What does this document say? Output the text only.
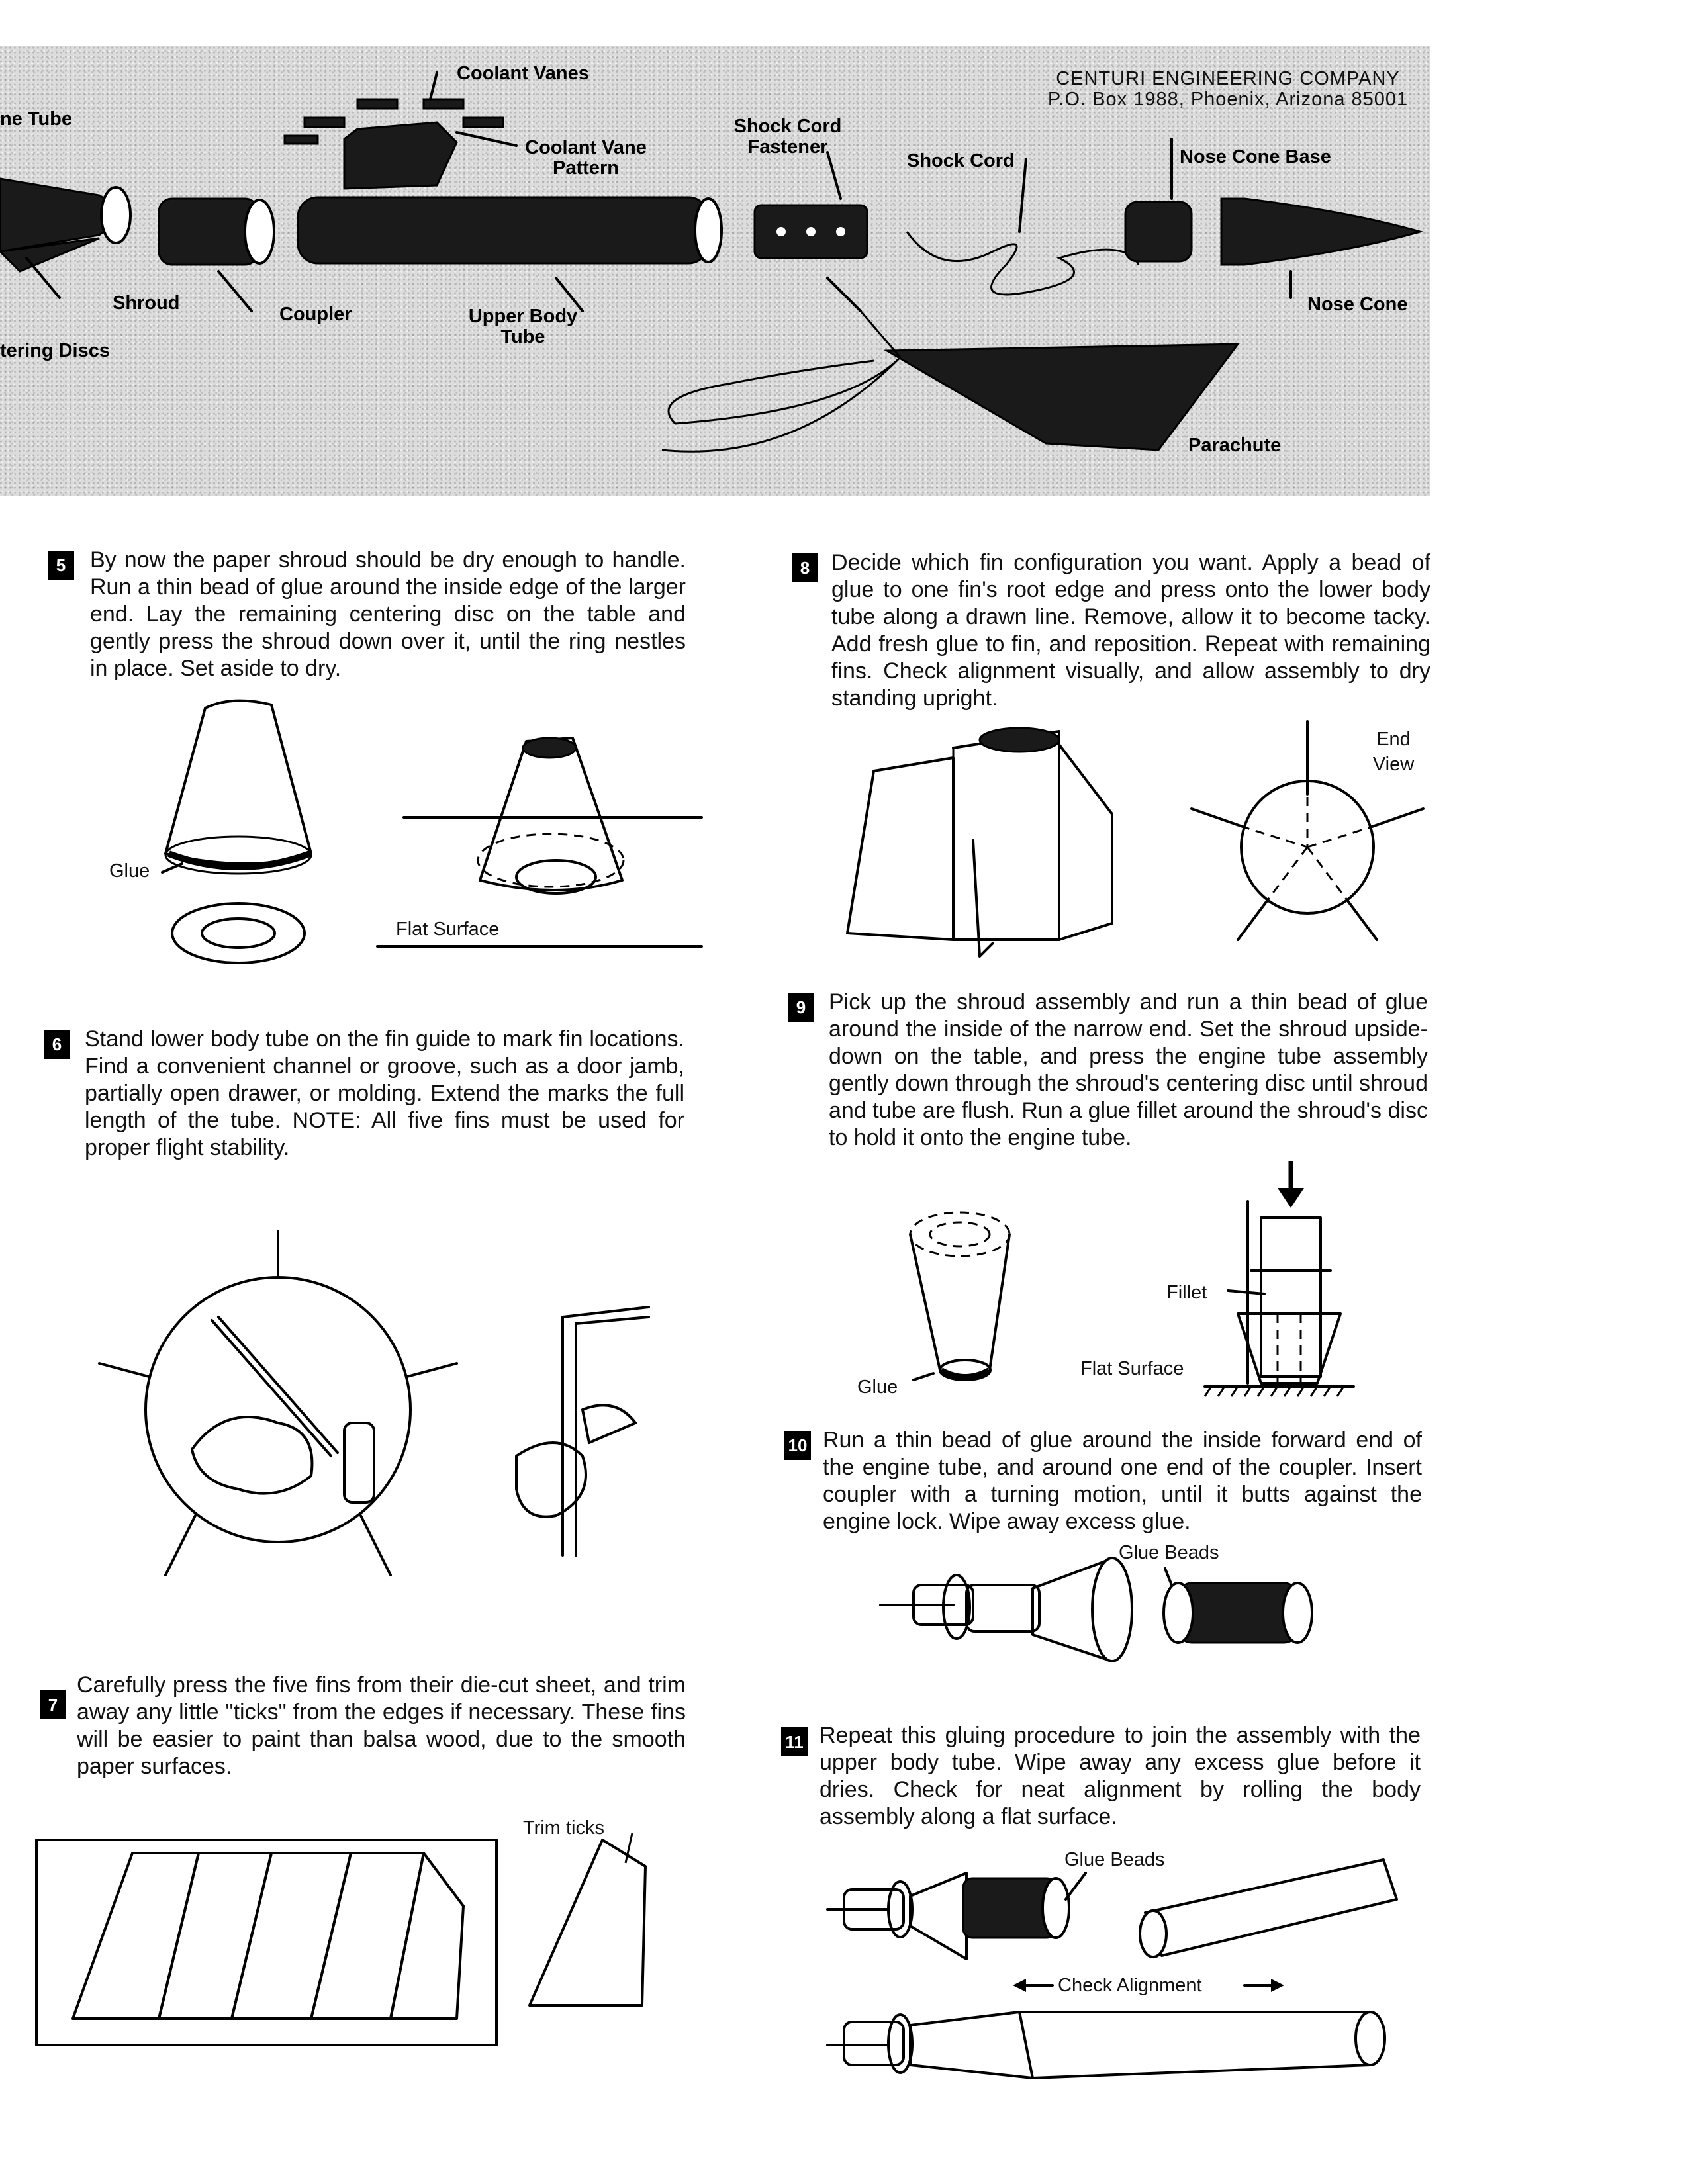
ne Tube
Coolant Vanes
Coolant Vane Pattern
Shock Cord Fastener
Shock Cord	Nose Cone Base
Shroud
Coupler	Upper Body Tube
Nose Cone
tering Discs
Parachute
CENTURI ENGINEERING COMPANY
P.O. Box 1988, Phoenix, Arizona 85001
5	By now the paper shroud should be dry enough to handle. Run a thin bead of glue around the inside edge of the larger end. Lay the remaining centering disc on the table and gently press the shroud down over it, until the ring nestles in place. Set aside to dry.
Glue
Flat Surface
6	Stand lower body tube on the fin guide to mark fin locations. Find a convenient channel or groove, such as a door jamb, partially open drawer, or molding. Extend the marks the full length of the tube. NOTE: All five fins must be used for proper flight stability.
7
Carefully press the five fins from their die-cut sheet, and trim away any little "ticks" from the edges if necessary. These fins will be easier to paint than balsa wood, due to the smooth paper surfaces.
Trim ticks
8 Decide which fin configuration you want. Apply a bead of glue to one fin's root edge and press onto the lower body tube along a drawn line. Remove, allow it to become tacky. Add fresh glue to fin, and reposition. Repeat with remaining fins. Check alignment visually, and allow assembly to dry standing upright.
End View
9	Pick up the shroud assembly and run a thin bead of glue around the inside of the narrow end. Set the shroud upside-down on the table, and press the engine tube assembly gently down through the shroud's centering disc until shroud and tube are flush. Run a glue fillet around the shroud's disc to hold it onto the engine tube.
Fillet
Glue
Flat Surface
10 Run a thin bead of glue around the inside forward end of the engine tube, and around one end of the coupler. Insert coupler with a turning motion, until it butts against the engine lock. Wipe away excess glue.
Glue Beads
11 Repeat this gluing procedure to join the assembly with the upper body tube. Wipe away any excess glue before it dries. Check for neat alignment by rolling the body assembly along a flat surface.
Glue Beads
Check Alignment
